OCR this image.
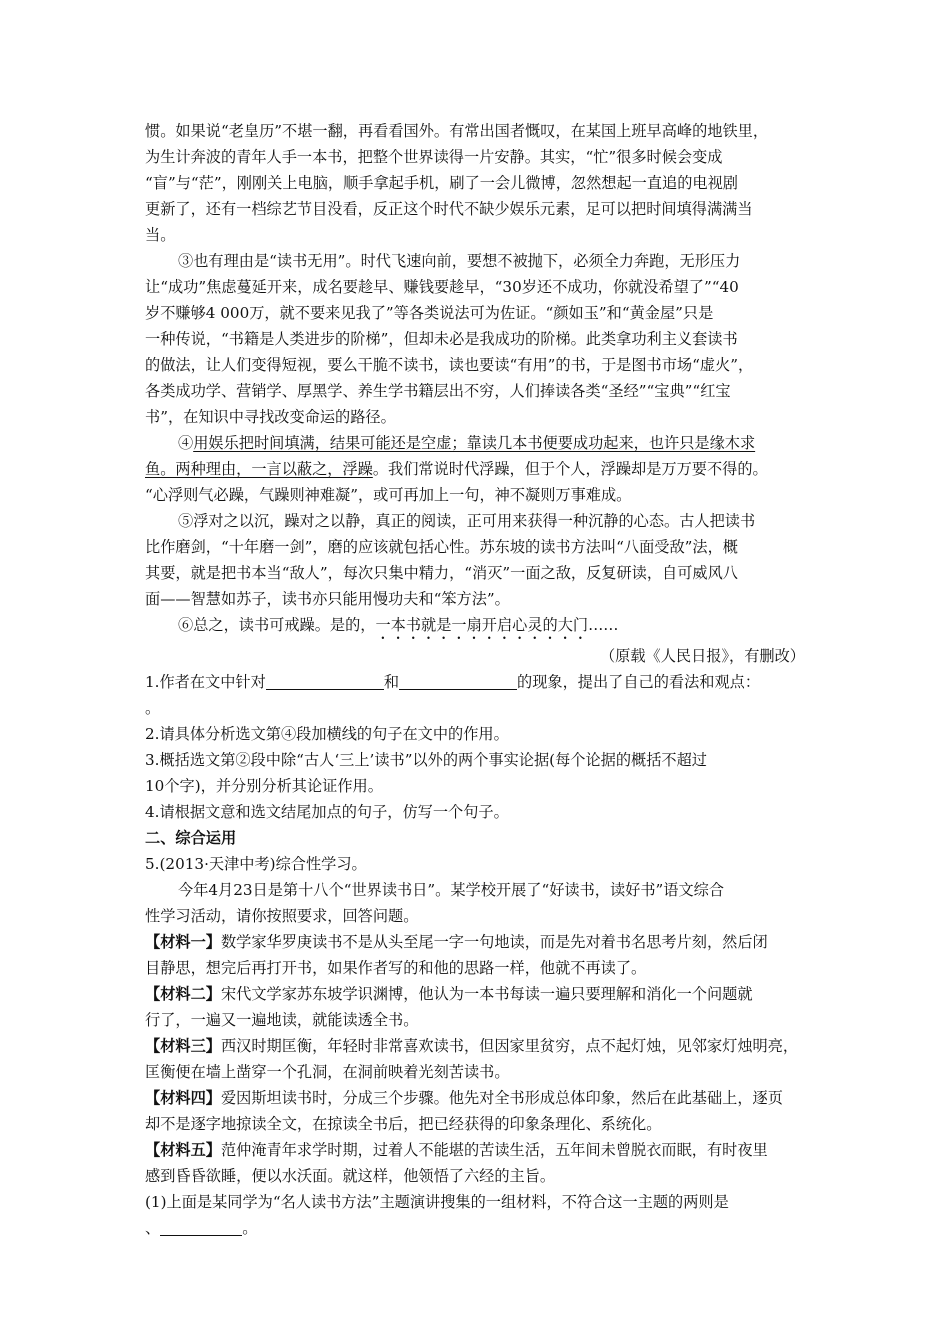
惯。如果说“老皇历”不堪一翻，再看看国外。有常出国者慨叹，在某国上班早高峰的地铁里，

为生计奔波的青年人手一本书，把整个世界读得一片安静。其实，“忙”很多时候会变成

“盲”与“茫”，刚刚关上电脑，顺手拿起手机，刷了一会儿微博，忽然想起一直追的电视剧

更新了，还有一档综艺节目没看，反正这个时代不缺少娱乐元素，足可以把时间填得满满当

当。

③也有理由是“读书无用”。时代飞速向前，要想不被抛下，必须全力奔跑，无形压力

让“成功”焦虑蔓延开来，成名要趁早、赚钱要趁早，“30岁还不成功，你就没希望了”“40

岁不赚够4 000万，就不要来见我了”等各类说法可为佐证。“颜如玉”和“黄金屋”只是

一种传说，“书籍是人类进步的阶梯”，但却未必是我成功的阶梯。此类拿功利主义套读书

的做法，让人们变得短视，要么干脆不读书，读也要读“有用”的书，于是图书市场“虚火”，

各类成功学、营销学、厚黑学、养生学书籍层出不穷，人们捧读各类“圣经”“宝典”“红宝

书”，在知识中寻找改变命运的路径。

④用娱乐把时间填满，结果可能还是空虚；靠读几本书便要成功起来，也许只是缘木求

鱼。两种理由，一言以蔽之，浮躁。我们常说时代浮躁，但于个人，浮躁却是万万要不得的。

“心浮则气必躁，气躁则神难凝”，或可再加上一句，神不凝则万事难成。

⑤浮对之以沉，躁对之以静，真正的阅读，正可用来获得一种沉静的心态。古人把读书

比作磨剑，“十年磨一剑”，磨的应该就包括心性。苏东坡的读书方法叫“八面受敌”法，概

其要，就是把书本当“敌人”，每次只集中精力，“消灭”一面之敌，反复研读，自可威风八

面——智慧如苏子，读书亦只能用慢功夫和“笨方法”。

⑥总之，读书可戒躁。是的，一本书就是一扇开启心灵的大门……

（原载《人民日报》，有删改）

1.作者在文中针对	和	的现象，提出了自己的看法和观点：

。

2.请具体分析选文第④段加横线的句子在文中的作用。

3.概括选文第②段中除“古人‘三上’读书”以外的两个事实论据(每个论据的概括不超过

10个字)，并分别分析其论证作用。

4.请根据文意和选文结尾加点的句子，仿写一个句子。

二、综合运用

5.(2013·天津中考)综合性学习。

今年4月23日是第十八个“世界读书日”。某学校开展了“好读书，读好书”语文综合

性学习活动，请你按照要求，回答问题。

【材料一】数学家华罗庚读书不是从头至尾一字一句地读，而是先对着书名思考片刻，然后闭

目静思，想完后再打开书，如果作者写的和他的思路一样，他就不再读了。

【材料二】宋代文学家苏东坡学识渊博，他认为一本书每读一遍只要理解和消化一个问题就

行了，一遍又一遍地读，就能读透全书。

【材料三】西汉时期匡衡，年轻时非常喜欢读书，但因家里贫穷，点不起灯烛，见邻家灯烛明亮，

匡衡便在墙上凿穿一个孔洞，在洞前映着光刻苦读书。

【材料四】爱因斯坦读书时，分成三个步骤。他先对全书形成总体印象，然后在此基础上，逐页

却不是逐字地掠读全文，在掠读全书后，把已经获得的印象条理化、系统化。

【材料五】范仲淹青年求学时期，过着人不能堪的苦读生活，五年间未曾脱衣而眠，有时夜里

感到昏昏欲睡，便以水沃面。就这样，他领悟了六经的主旨。

(1)上面是某同学为“名人读书方法”主题演讲搜集的一组材料，不符合这一主题的两则是

、	。
